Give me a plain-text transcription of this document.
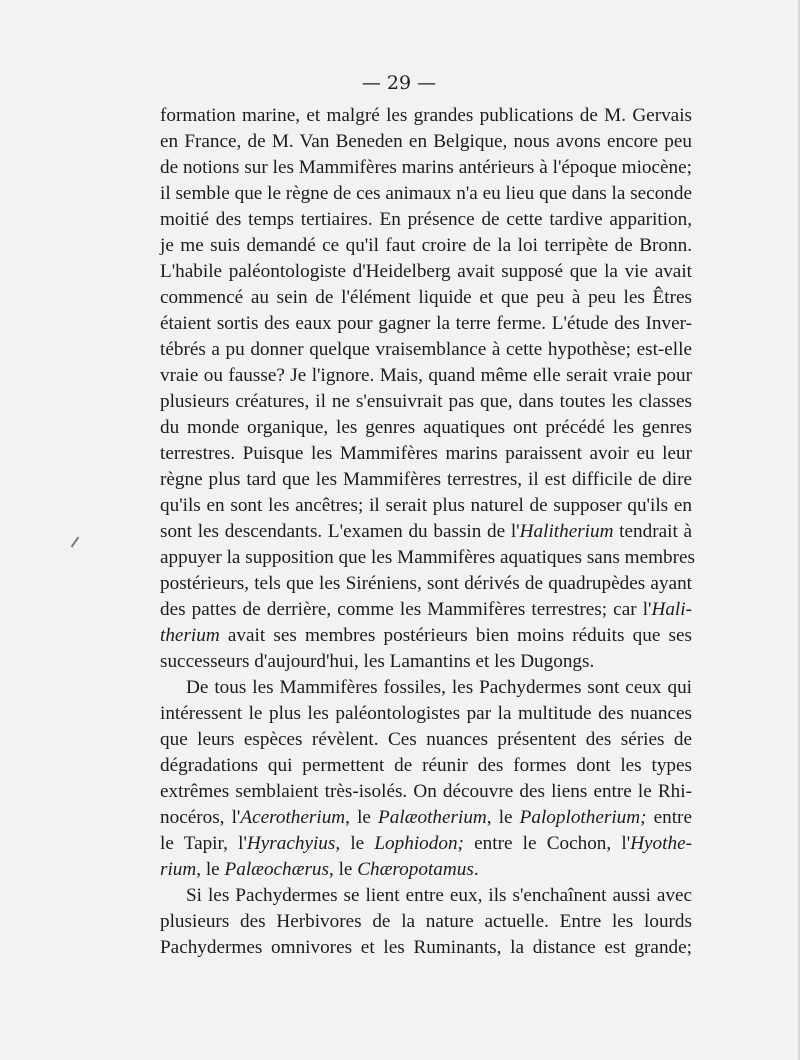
— 29 —
formation marine, et malgré les grandes publications de M. Gervais
en France, de M. Van Beneden en Belgique, nous avons encore peu
de notions sur les Mammifères marins antérieurs à l'époque miocène;
il semble que le règne de ces animaux n'a eu lieu que dans la seconde
moitié des temps tertiaires. En présence de cette tardive apparition,
je me suis demandé ce qu'il faut croire de la loi terripète de Bronn.
L'habile paléontologiste d'Heidelberg avait supposé que la vie avait
commencé au sein de l'élément liquide et que peu à peu les Êtres
étaient sortis des eaux pour gagner la terre ferme. L'étude des Inver-
tébrés a pu donner quelque vraisemblance à cette hypothèse; est-elle
vraie ou fausse? Je l'ignore. Mais, quand même elle serait vraie pour
plusieurs créatures, il ne s'ensuivrait pas que, dans toutes les classes
du monde organique, les genres aquatiques ont précédé les genres
terrestres. Puisque les Mammifères marins paraissent avoir eu leur
règne plus tard que les Mammifères terrestres, il est difficile de dire
qu'ils en sont les ancêtres; il serait plus naturel de supposer qu'ils en
sont les descendants. L'examen du bassin de l'Halitherium tendrait à
appuyer la supposition que les Mammifères aquatiques sans membres
postérieurs, tels que les Siréniens, sont dérivés de quadrupèdes ayant
des pattes de derrière, comme les Mammifères terrestres; car l'Hali-
therium avait ses membres postérieurs bien moins réduits que ses
successeurs d'aujourd'hui, les Lamantins et les Dugongs.
De tous les Mammifères fossiles, les Pachydermes sont ceux qui
intéressent le plus les paléontologistes par la multitude des nuances
que leurs espèces révèlent. Ces nuances présentent des séries de
dégradations qui permettent de réunir des formes dont les types
extrêmes semblaient très-isolés. On découvre des liens entre le Rhi-
nocéros, l'Acerotherium, le Palæotherium, le Paloplotherium; entre
le Tapir, l'Hyrachyius, le Lophiodon; entre le Cochon, l'Hyothe-
rium, le Palæochærus, le Chæropotamus.
Si les Pachydermes se lient entre eux, ils s'enchaînent aussi avec
plusieurs des Herbivores de la nature actuelle. Entre les lourds
Pachydermes omnivores et les Ruminants, la distance est grande;
